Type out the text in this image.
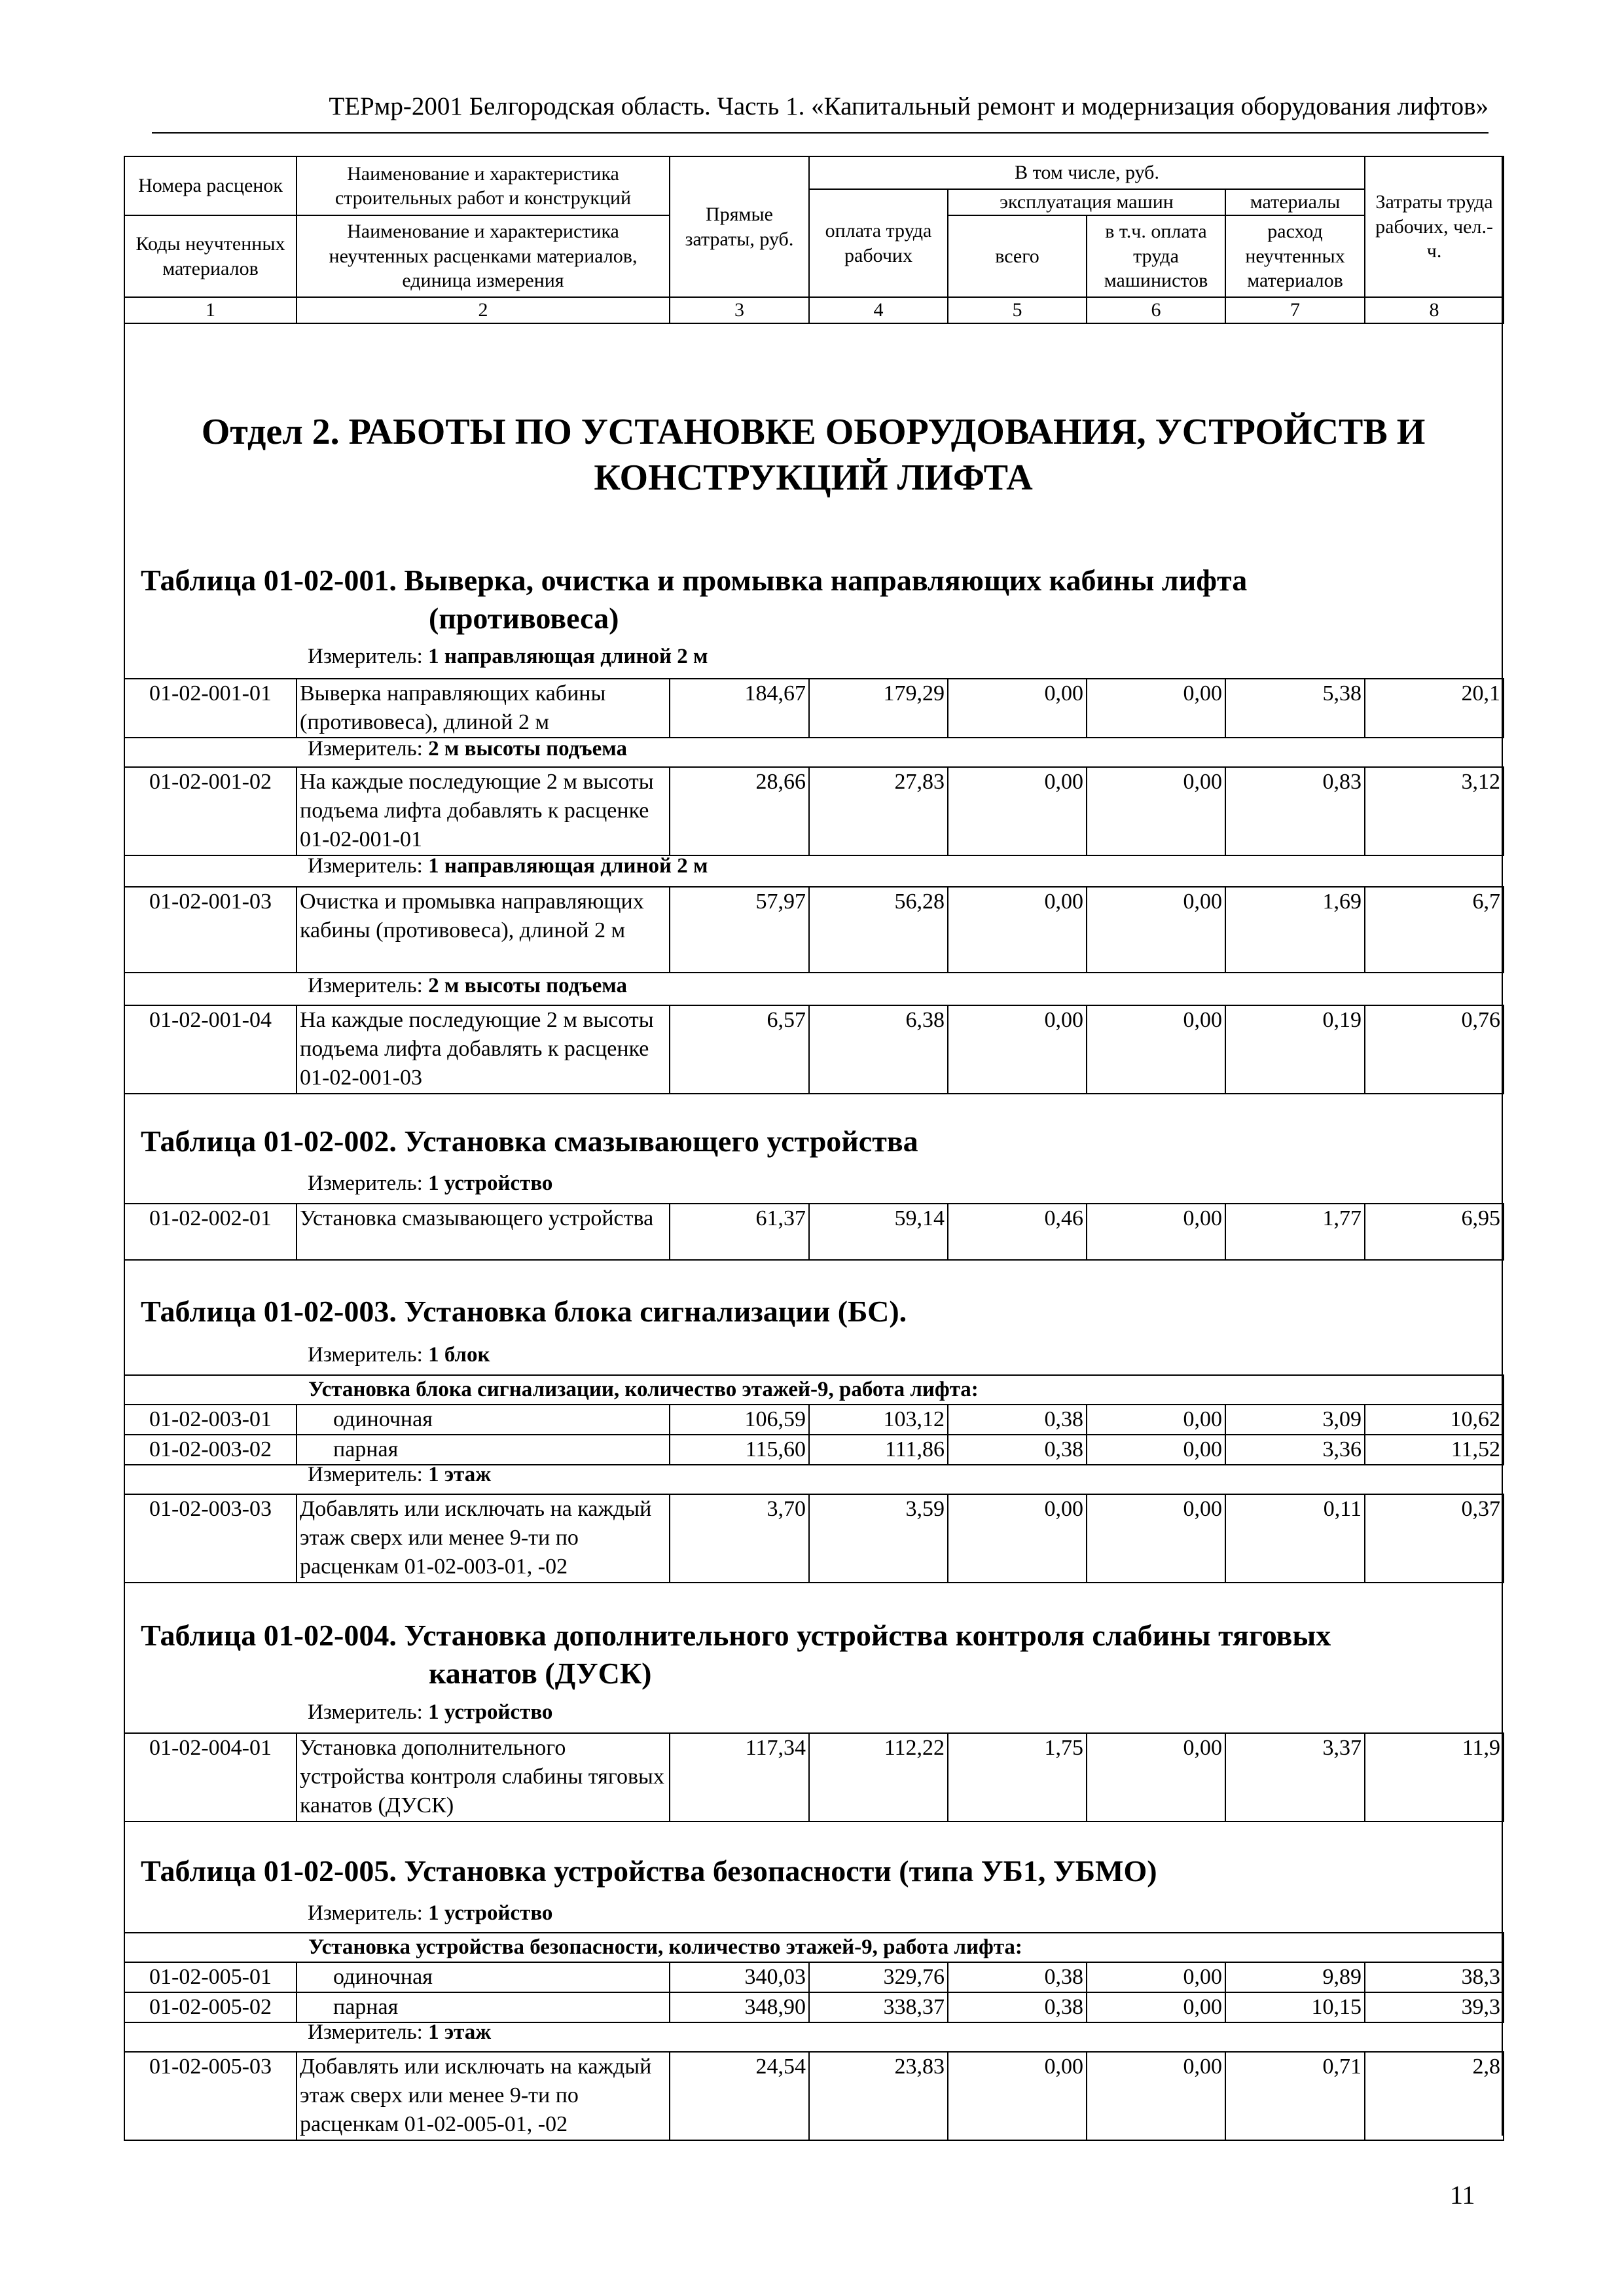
ТЕРмр-2001 Белгородская область. Часть 1. «Капитальный ремонт и модернизация оборудования лифтов»
Номера расценок	Наименование и характеристика строительных работ и конструкций	Прямые затраты, руб.	В том числе, руб.				Затраты труда рабочих, чел.-ч.
			оплата труда рабочих	эксплуатация машин		материалы	
Коды неучтенных материалов	Наименование и характеристика неучтенных расценками материалов, единица измерения			всего	в т.ч. оплата труда машинистов	расход неучтенных материалов	

1	2	3	4	5	6	7	8
Отдел 2. РАБОТЫ ПО УСТАНОВКЕ ОБОРУДОВАНИЯ, УСТРОЙСТВ И КОНСТРУКЦИЙ ЛИФТА
Таблица 01-02-001. Выверка, очистка и промывка направляющих кабины лифта
(противовеса)
Измеритель: 1 направляющая длиной 2 м
01-02-001-01	Выверка направляющих кабины (противовеса), длиной 2 м	184,67	179,29	0,00	0,00	5,38	20,1
Измеритель: 2 м высоты подъема
01-02-001-02	На каждые последующие 2 м высоты подъема лифта добавлять к расценке 01-02-001-01	28,66	27,83	0,00	0,00	0,83	3,12
Измеритель: 1 направляющая длиной 2 м
01-02-001-03	Очистка и промывка направляющих кабины (противовеса), длиной 2 м	57,97	56,28	0,00	0,00	1,69	6,7
Измеритель: 2 м высоты подъема
01-02-001-04	На каждые последующие 2 м высоты подъема лифта добавлять к расценке 01-02-001-03	6,57	6,38	0,00	0,00	0,19	0,76
Таблица 01-02-002. Установка смазывающего устройства
Измеритель: 1 устройство
01-02-002-01	Установка смазывающего устройства	61,37	59,14	0,46	0,00	1,77	6,95
Таблица 01-02-003. Установка блока сигнализации (БС).
Измеритель: 1 блок
Установка блока сигнализации, количество этажей-9, работа лифта:							
01-02-003-01	одиночная	106,59	103,12	0,38	0,00	3,09	10,62
01-02-003-02	парная	115,60	111,86	0,38	0,00	3,36	11,52
Измеритель: 1 этаж
01-02-003-03	Добавлять или исключать на каждый этаж сверх или менее 9-ти по расценкам 01-02-003-01, -02	3,70	3,59	0,00	0,00	0,11	0,37
Таблица 01-02-004. Установка дополнительного устройства контроля слабины тяговых
канатов (ДУСК)
Измеритель: 1 устройство
01-02-004-01	Установка дополнительного устройства контроля слабины тяговых канатов (ДУСК)	117,34	112,22	1,75	0,00	3,37	11,9
Таблица 01-02-005. Установка устройства безопасности (типа УБ1, УБМО)
Измеритель: 1 устройство
Установка устройства безопасности, количество этажей-9, работа лифта:							
01-02-005-01	одиночная	340,03	329,76	0,38	0,00	9,89	38,3
01-02-005-02	парная	348,90	338,37	0,38	0,00	10,15	39,3
Измеритель: 1 этаж
01-02-005-03	Добавлять или исключать на каждый этаж сверх или менее 9-ти по расценкам 01-02-005-01, -02	24,54	23,83	0,00	0,00	0,71	2,8
11
